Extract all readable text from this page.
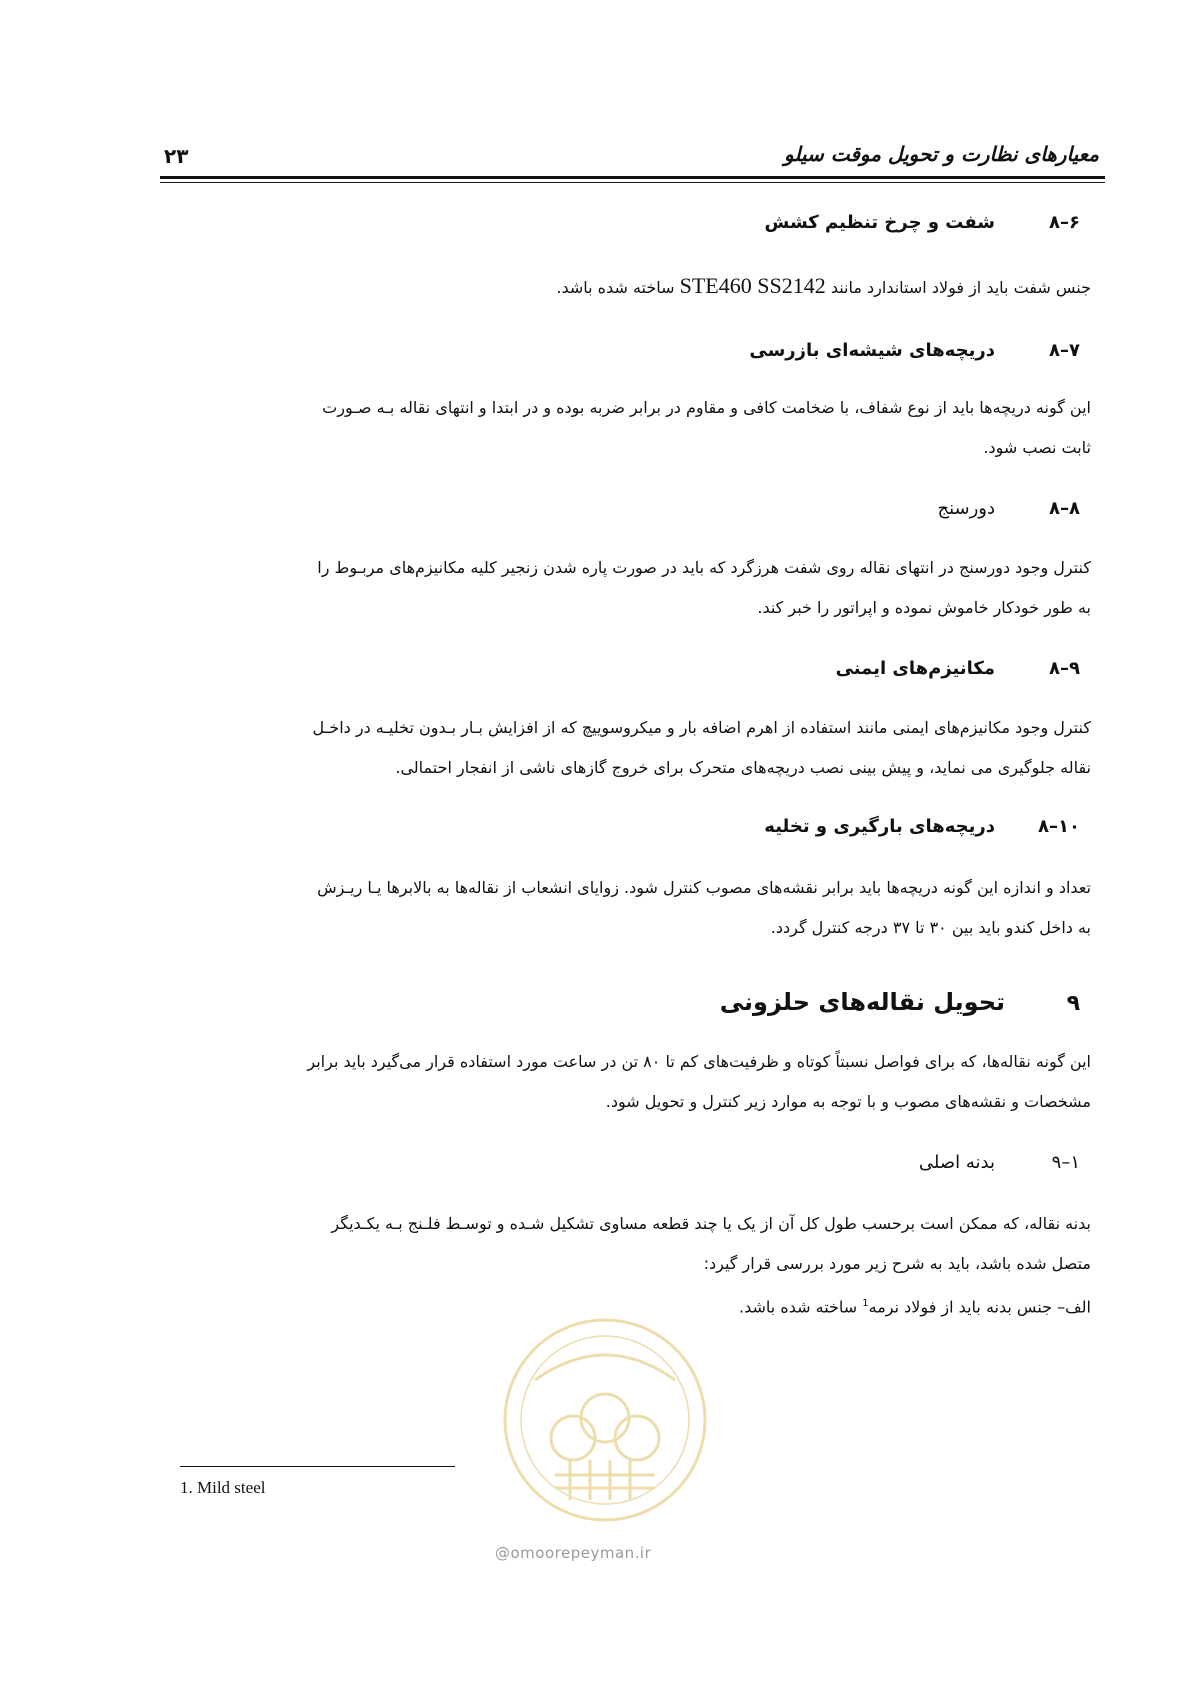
معیارهای نظارت و تحویل موقت سیلو
۲۳
۸–۶
شفت و چرخ تنظیم کشش

جنس شفت باید از فولاد استاندارد مانند STE460 SS2142 ساخته شده باشد.

۸–۷
دریچه‌های شیشه‌ای بازرسی

این گونه دریچه‌ها باید از نوع شفاف، با ضخامت کافی و مقاوم در برابر ضربه بوده و در ابتدا و انتهای نقاله بـه صـورت
ثابت نصب شود.

۸–۸
دورسنج

کنترل وجود دورسنج در انتهای نقاله روی شفت هرزگرد که باید در صورت پاره شدن زنجیر کلیه مکانیزم‌های مربـوط را
به طور خودکار خاموش نموده و اپراتور را خبر کند.

۸–۹
مکانیزم‌های ایمنی

کنترل وجود مکانیزم‌های ایمنی مانند استفاده از اهرم اضافه بار و میکروسوییچ که از افزایش بـار بـدون تخلیـه در داخـل
نقاله جلوگیری می نماید، و پیش بینی نصب دریچه‌های متحرک برای خروج گازهای ناشی از انفجار احتمالی.

۸–۱۰
دریچه‌های بارگیری و تخلیه

تعداد و اندازه این گونه دریچه‌ها باید برابر نقشه‌های مصوب کنترل شود. زوایای انشعاب از نقاله‌ها به بالابرها یـا ریـزش
به داخل کندو باید بین ۳۰ تا ۳۷ درجه کنترل گردد.

۹
تحویل نقاله‌های حلزونی

این گونه نقاله‌ها، که برای فواصل نسبتاً کوتاه و ظرفیت‌های کم تا ۸۰ تن در ساعت مورد استفاده قرار می‌گیرد باید برابر
مشخصات و نقشه‌های مصوب و با توجه به موارد زیر کنترل و تحویل شود.

۹–۱
بدنه اصلی

بدنه نقاله، که ممکن است برحسب طول کل آن از یک یا چند قطعه مساوی تشکیل شـده و توسـط فلـنج بـه یکـدیگر
متصل شده باشد، باید به شرح زیر مورد بررسی قرار گیرد:
الف– جنس بدنه باید از فولاد نرمه$^1$ ساخته شده باشد.

1. Mild steel
@omoorepeyman.ir
